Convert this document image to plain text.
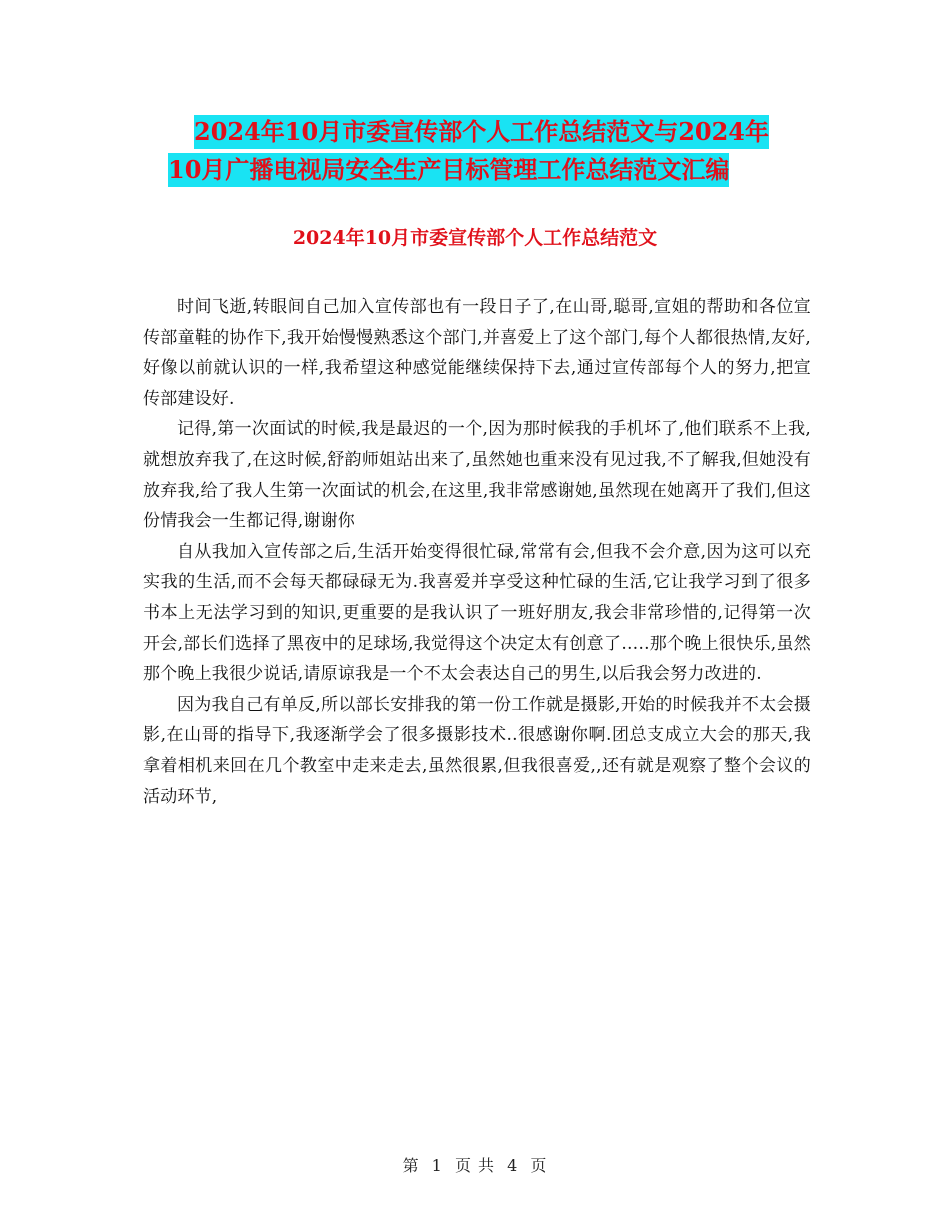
2024年10月市委宣传部个人工作总结范文与2024年
10月广播电视局安全生产目标管理工作总结范文汇编
2024年10月市委宣传部个人工作总结范文

时间飞逝,转眼间自己加入宣传部也有一段日子了,在山哥,聪哥,宣姐的帮助和各位宣传部童鞋的协作下,我开始慢慢熟悉这个部门,并喜爱上了这个部门,每个人都很热情,友好,好像以前就认识的一样,我希望这种感觉能继续保持下去,通过宣传部每个人的努力,把宣传部建设好.

记得,第一次面试的时候,我是最迟的一个,因为那时候我的手机坏了,他们联系不上我,就想放弃我了,在这时候,舒韵师姐站出来了,虽然她也重来没有见过我,不了解我,但她没有放弃我,给了我人生第一次面试的机会,在这里,我非常感谢她,虽然现在她离开了我们,但这份情我会一生都记得,谢谢你

自从我加入宣传部之后,生活开始变得很忙碌,常常有会,但我不会介意,因为这可以充实我的生活,而不会每天都碌碌无为.我喜爱并享受这种忙碌的生活,它让我学习到了很多书本上无法学习到的知识,更重要的是我认识了一班好朋友,我会非常珍惜的,记得第一次开会,部长们选择了黑夜中的足球场,我觉得这个决定太有创意了…..那个晚上很快乐,虽然那个晚上我很少说话,请原谅我是一个不太会表达自己的男生,以后我会努力改进的.

因为我自己有单反,所以部长安排我的第一份工作就是摄影,开始的时候我并不太会摄影,在山哥的指导下,我逐渐学会了很多摄影技术..很感谢你啊.团总支成立大会的那天,我拿着相机来回在几个教室中走来走去,虽然很累,但我很喜爱,,还有就是观察了整个会议的活动环节,

第 1 页 共 4 页
